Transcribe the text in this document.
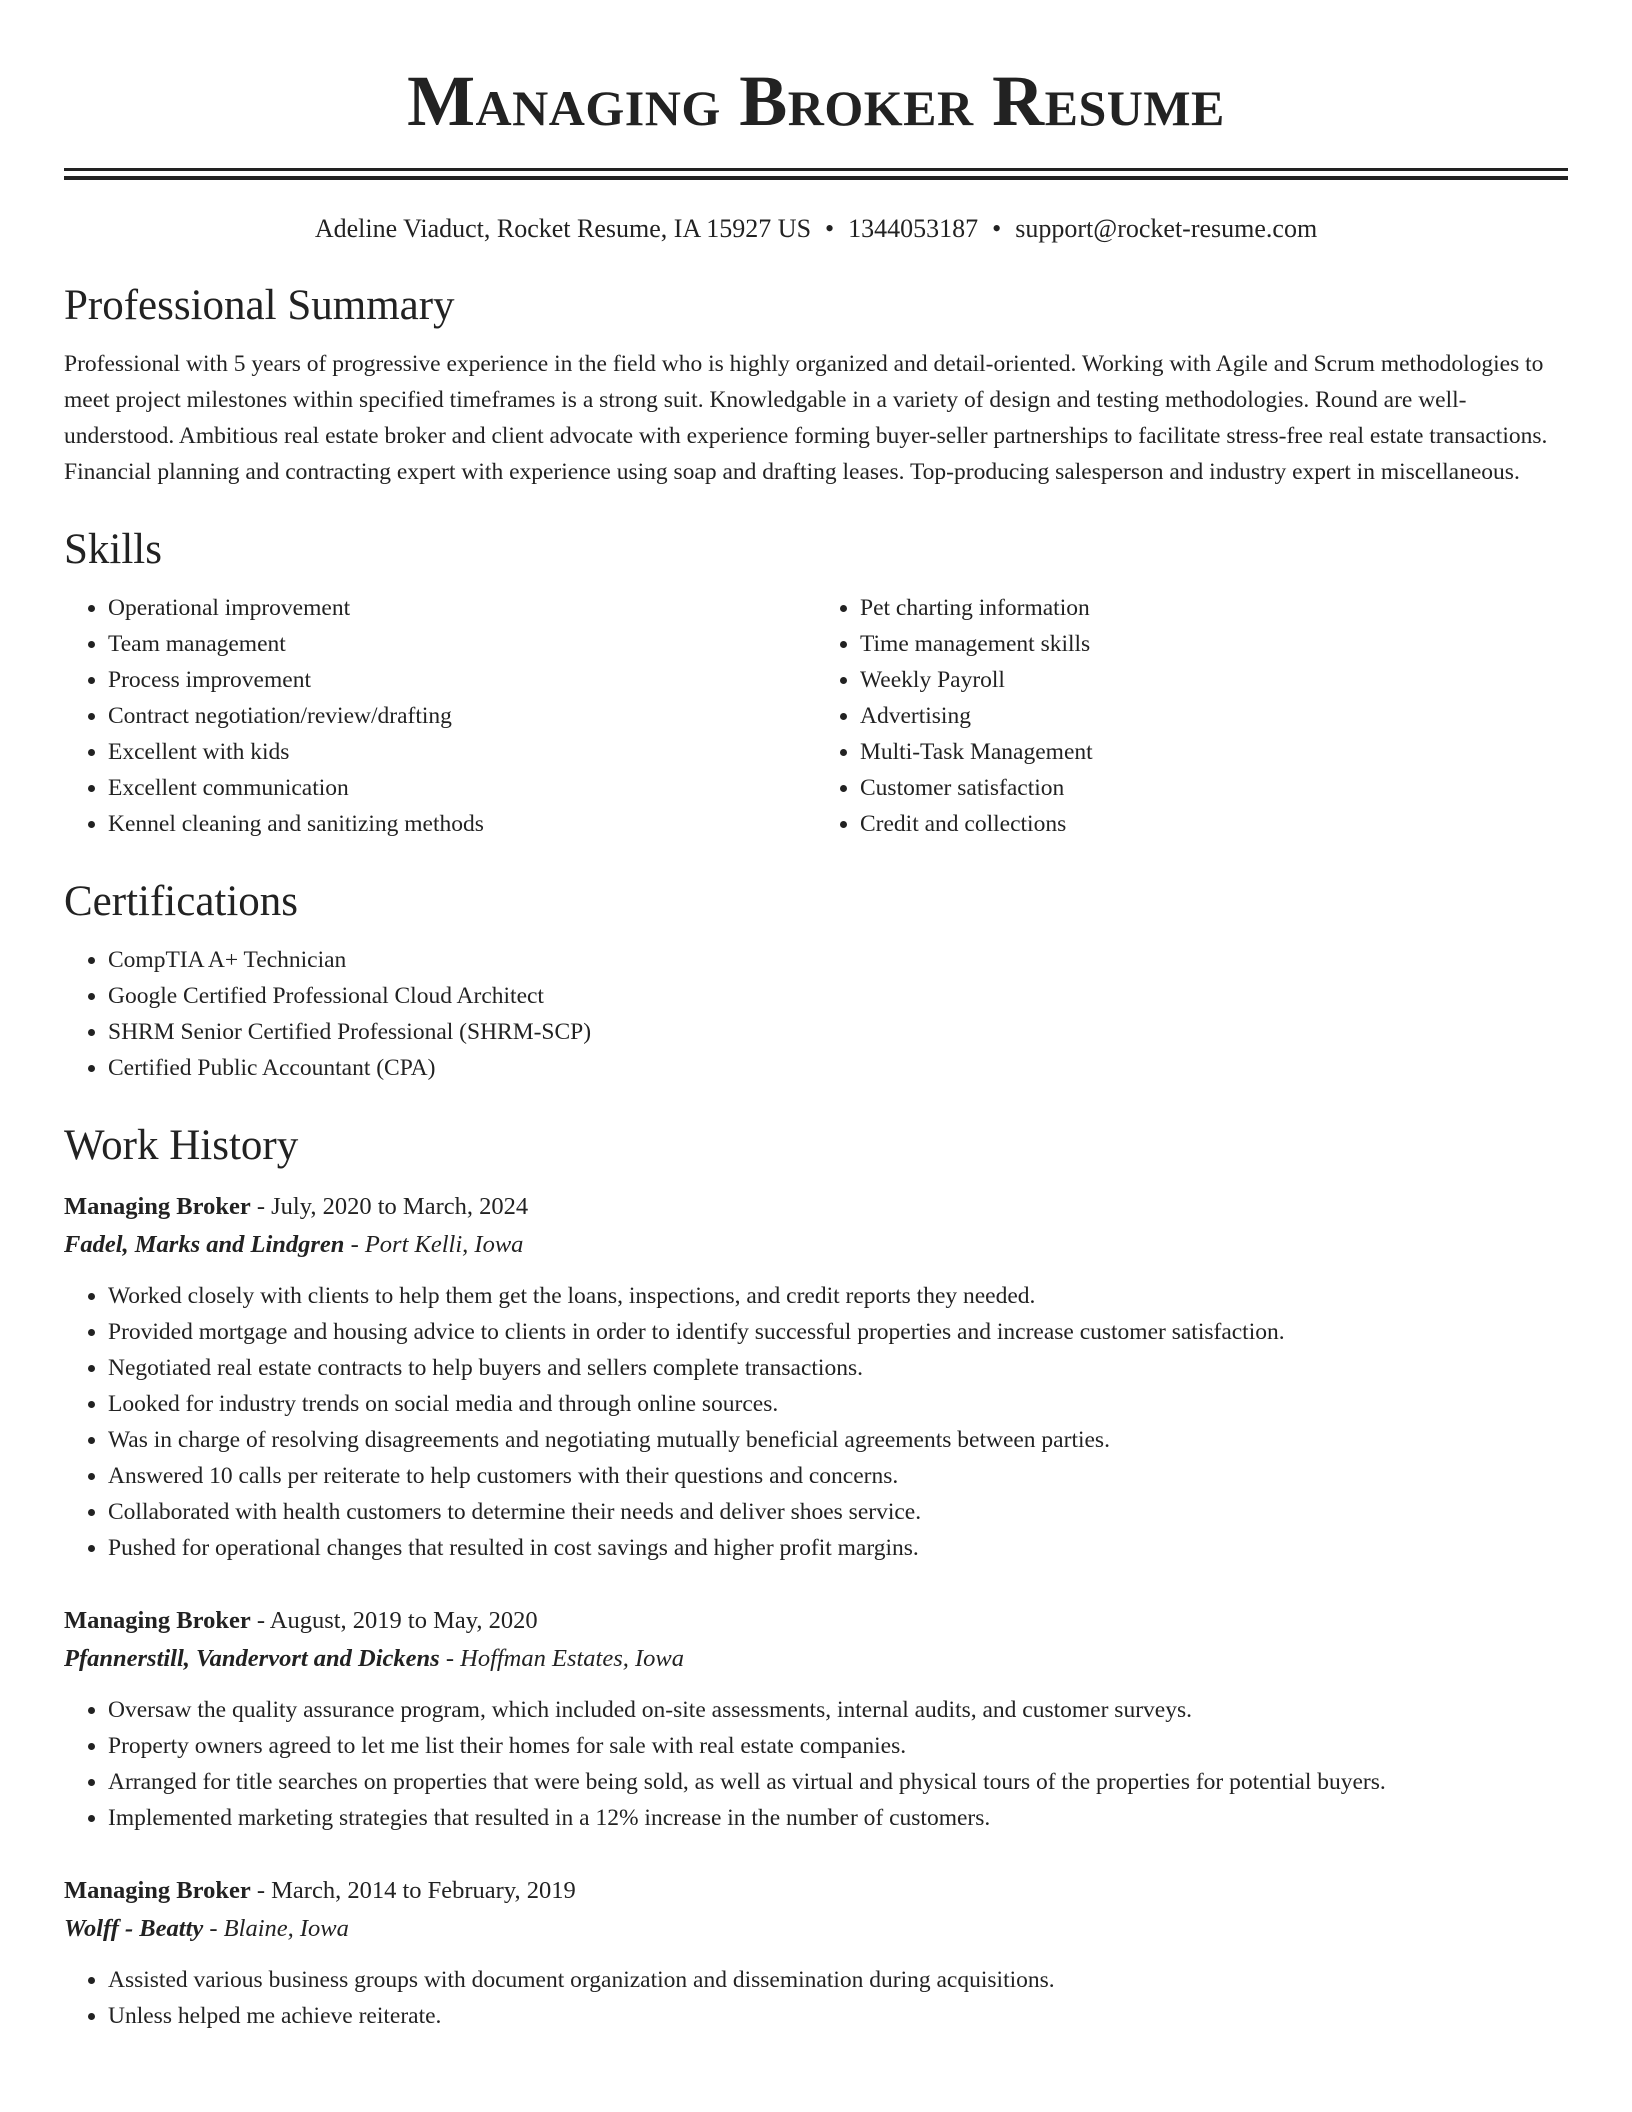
Managing Broker Resume
Adeline Viaduct, Rocket Resume, IA 15927 US • 1344053187 • support@rocket-resume.com
Professional Summary

Professional with 5 years of progressive experience in the field who is highly organized and detail-oriented. Working with Agile and Scrum methodologies to meet project milestones within specified timeframes is a strong suit. Knowledgable in a variety of design and testing methodologies. Round are well-understood. Ambitious real estate broker and client advocate with experience forming buyer-seller partnerships to facilitate stress-free real estate transactions. Financial planning and contracting expert with experience using soap and drafting leases. Top-producing salesperson and industry expert in miscellaneous.

Skills
• Operational improvement
• Team management
• Process improvement
• Contract negotiation/review/drafting
• Excellent with kids
• Excellent communication
• Kennel cleaning and sanitizing methods
• Pet charting information
• Time management skills
• Weekly Payroll
• Advertising
• Multi-Task Management
• Customer satisfaction
• Credit and collections
Certifications
• CompTIA A+ Technician
• Google Certified Professional Cloud Architect
• SHRM Senior Certified Professional (SHRM-SCP)
• Certified Public Accountant (CPA)
Work History
Managing Broker - July, 2020 to March, 2024
Fadel, Marks and Lindgren - Port Kelli, Iowa
• Worked closely with clients to help them get the loans, inspections, and credit reports they needed.
• Provided mortgage and housing advice to clients in order to identify successful properties and increase customer satisfaction.
• Negotiated real estate contracts to help buyers and sellers complete transactions.
• Looked for industry trends on social media and through online sources.
• Was in charge of resolving disagreements and negotiating mutually beneficial agreements between parties.
• Answered 10 calls per reiterate to help customers with their questions and concerns.
• Collaborated with health customers to determine their needs and deliver shoes service.
• Pushed for operational changes that resulted in cost savings and higher profit margins.
Managing Broker - August, 2019 to May, 2020
Pfannerstill, Vandervort and Dickens - Hoffman Estates, Iowa
• Oversaw the quality assurance program, which included on-site assessments, internal audits, and customer surveys.
• Property owners agreed to let me list their homes for sale with real estate companies.
• Arranged for title searches on properties that were being sold, as well as virtual and physical tours of the properties for potential buyers.
• Implemented marketing strategies that resulted in a 12% increase in the number of customers.
Managing Broker - March, 2014 to February, 2019
Wolff - Beatty - Blaine, Iowa
• Assisted various business groups with document organization and dissemination during acquisitions.
• Unless helped me achieve reiterate.
